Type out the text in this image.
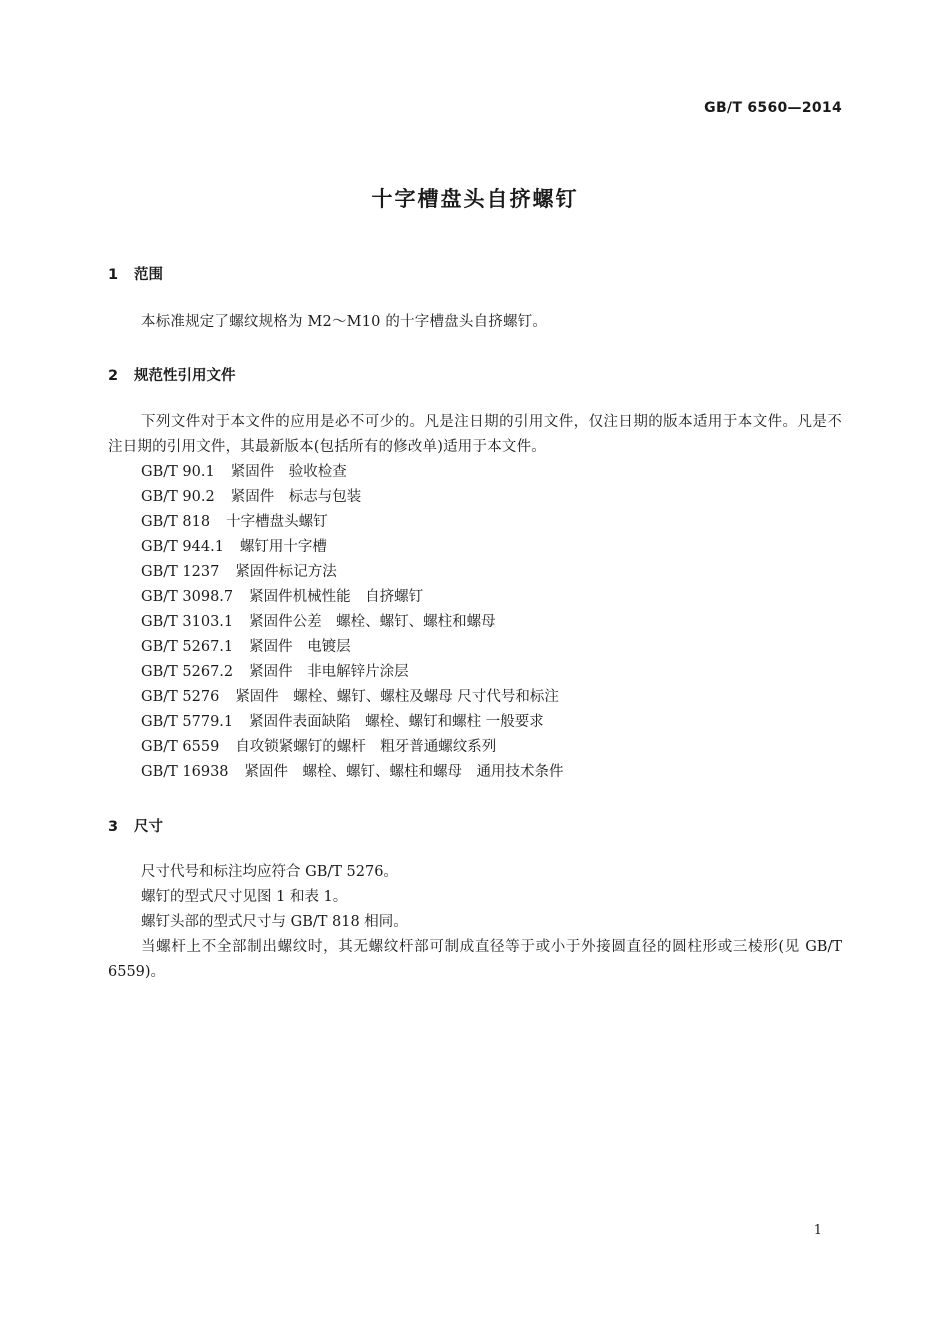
GB/T 6560—2014
十字槽盘头自挤螺钉
1 范围
本标准规定了螺纹规格为 M2～M10 的十字槽盘头自挤螺钉。
2 规范性引用文件
下列文件对于本文件的应用是必不可少的。凡是注日期的引用文件，仅注日期的版本适用于本文件。凡是不注日期的引用文件，其最新版本(包括所有的修改单)适用于本文件。
GB/T 90.1 紧固件　验收检查
GB/T 90.2 紧固件　标志与包装
GB/T 818 十字槽盘头螺钉
GB/T 944.1 螺钉用十字槽
GB/T 1237 紧固件标记方法
GB/T 3098.7 紧固件机械性能　自挤螺钉
GB/T 3103.1 紧固件公差　螺栓、螺钉、螺柱和螺母
GB/T 5267.1 紧固件　电镀层
GB/T 5267.2 紧固件　非电解锌片涂层
GB/T 5276 紧固件　螺栓、螺钉、螺柱及螺母 尺寸代号和标注
GB/T 5779.1 紧固件表面缺陷　螺栓、螺钉和螺柱 一般要求
GB/T 6559 自攻锁紧螺钉的螺杆　粗牙普通螺纹系列
GB/T 16938 紧固件　螺栓、螺钉、螺柱和螺母　通用技术条件
3 尺寸
尺寸代号和标注均应符合 GB/T 5276。
螺钉的型式尺寸见图 1 和表 1。
螺钉头部的型式尺寸与 GB/T 818 相同。
当螺杆上不全部制出螺纹时，其无螺纹杆部可制成直径等于或小于外接圆直径的圆柱形或三棱形(见 GB/T 6559)。
1
